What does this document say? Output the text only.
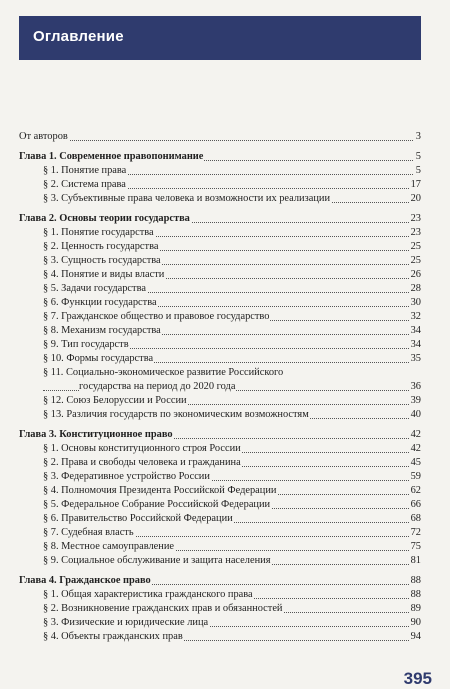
Оглавление
От авторов	3
Глава 1. Современное правопонимание	5
§ 1. Понятие права	5
§ 2. Система права	17
§ 3. Субъективные права человека и возможности их реализации	20
Глава 2. Основы теории государства	23
§ 1. Понятие государства	23
§ 2. Ценность государства	25
§ 3. Сущность государства	25
§ 4. Понятие и виды власти	26
§ 5. Задачи государства	28
§ 6. Функции государства	30
§ 7. Гражданское общество и правовое государство	32
§ 8. Механизм государства	34
§ 9. Тип государств	34
§ 10. Формы государства	35
§ 11. Социально-экономическое развитие Российского
государства на период до 2020 года	36
§ 12. Союз Белоруссии и России	39
§ 13. Различия государств по экономическим возможностям	40
Глава 3. Конституционное право	42
§ 1. Основы конституционного строя России	42
§ 2. Права и свободы человека и гражданина	45
§ 3. Федеративное устройство России	59
§ 4. Полномочия Президента Российской Федерации	62
§ 5. Федеральное Собрание Российской Федерации	66
§ 6. Правительство Российской Федерации	68
§ 7. Судебная власть	72
§ 8. Местное самоуправление	75
§ 9. Социальное обслуживание и защита населения	81
Глава 4. Гражданское право	88
§ 1. Общая характеристика гражданского права	88
§ 2. Возникновение гражданских прав и обязанностей	89
§ 3. Физические и юридические лица	90
§ 4. Объекты гражданских прав	94
395
